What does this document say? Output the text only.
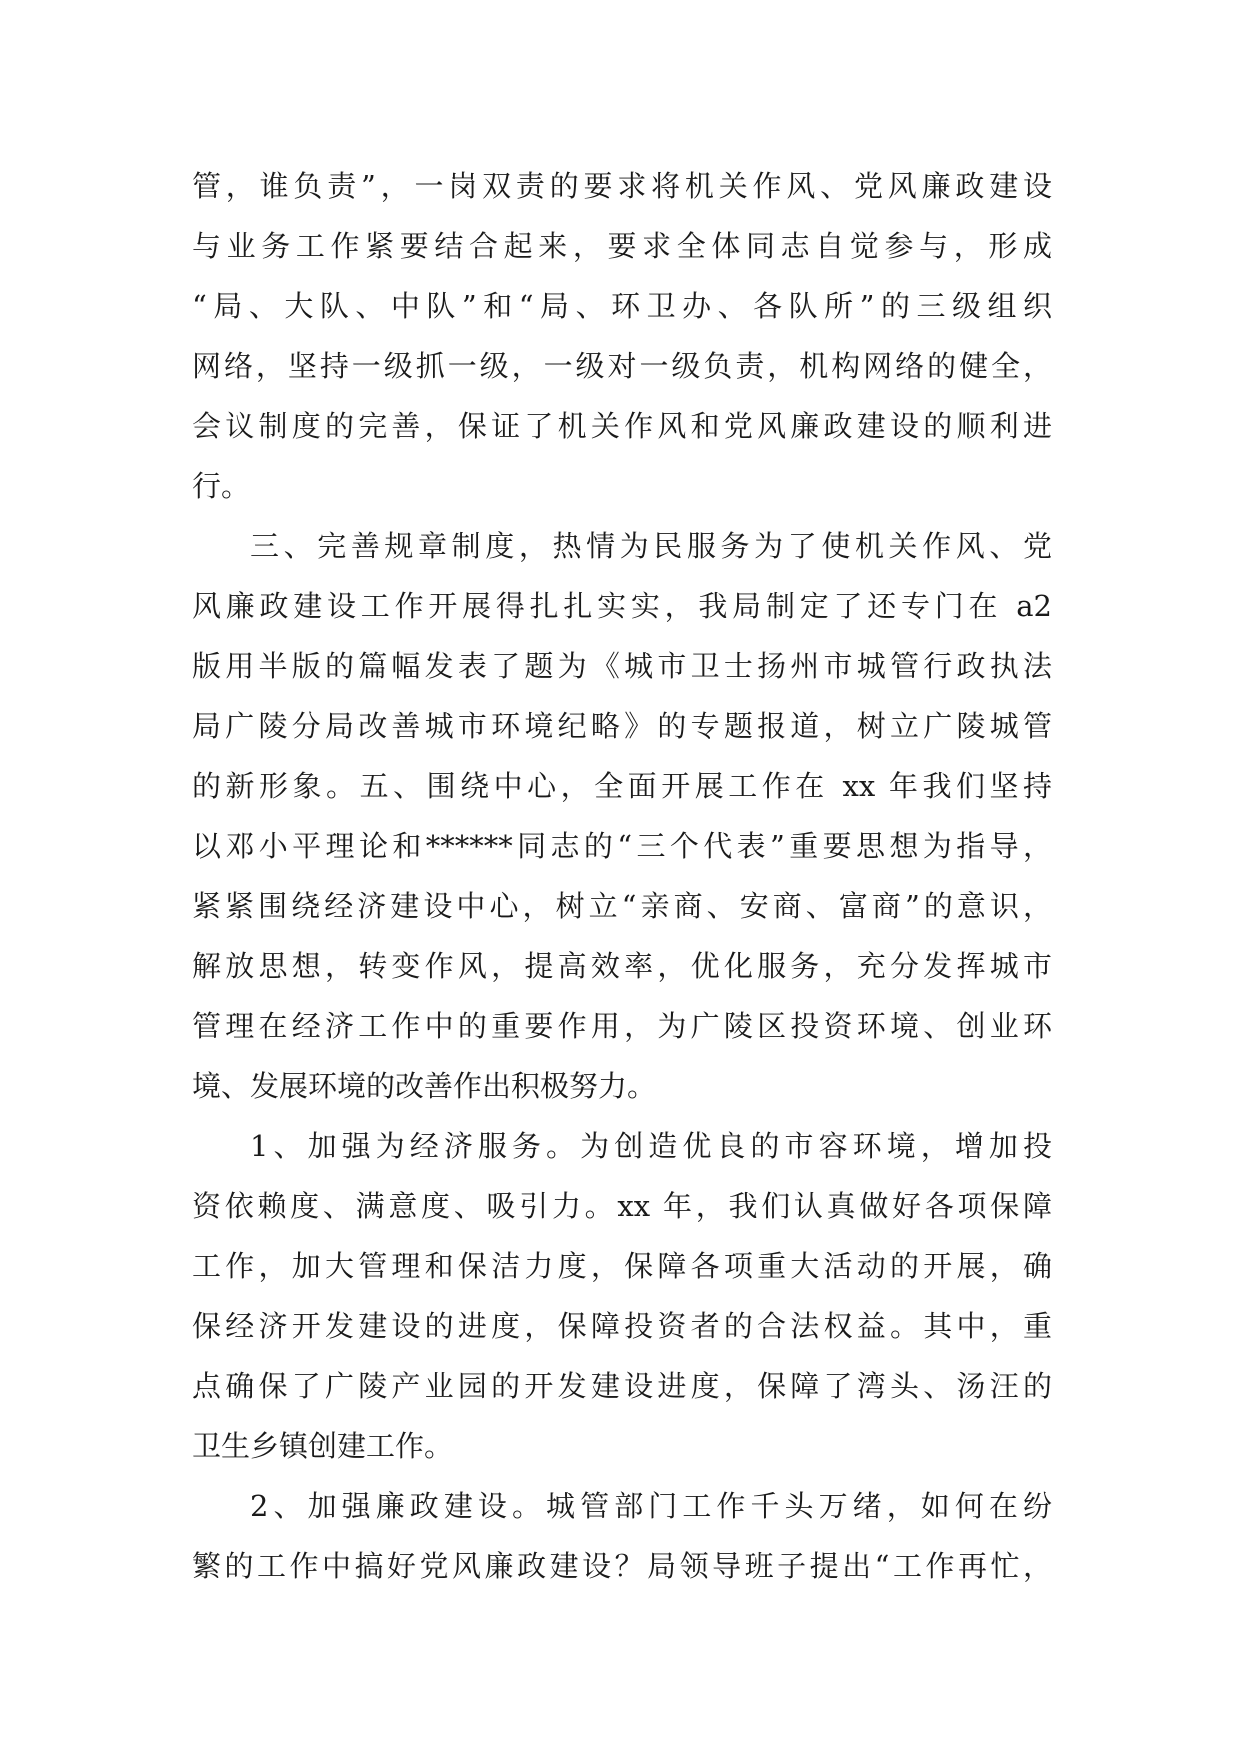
管，谁负责”，一岗双责的要求将机关作风、党风廉政建设
与业务工作紧要结合起来，要求全体同志自觉参与，形成
“局、大队、中队”和“局、环卫办、各队所”的三级组织
网络，坚持一级抓一级，一级对一级负责，机构网络的健全，
会议制度的完善，保证了机关作风和党风廉政建设的顺利进
行。
三、完善规章制度，热情为民服务为了使机关作风、党
风廉政建设工作开展得扎扎实实，我局制定了还专门在 a2
版用半版的篇幅发表了题为《城市卫士扬州市城管行政执法
局广陵分局改善城市环境纪略》的专题报道，树立广陵城管
的新形象。五、围绕中心，全面开展工作在 xx 年我们坚持
以邓小平理论和******同志的“三个代表”重要思想为指导，
紧紧围绕经济建设中心，树立“亲商、安商、富商”的意识，
解放思想，转变作风，提高效率，优化服务，充分发挥城市
管理在经济工作中的重要作用，为广陵区投资环境、创业环
境、发展环境的改善作出积极努力。
1、加强为经济服务。为创造优良的市容环境，增加投
资依赖度、满意度、吸引力。xx 年，我们认真做好各项保障
工作，加大管理和保洁力度，保障各项重大活动的开展，确
保经济开发建设的进度，保障投资者的合法权益。其中，重
点确保了广陵产业园的开发建设进度，保障了湾头、汤汪的
卫生乡镇创建工作。
2、加强廉政建设。城管部门工作千头万绪，如何在纷
繁的工作中搞好党风廉政建设？局领导班子提出“工作再忙，
